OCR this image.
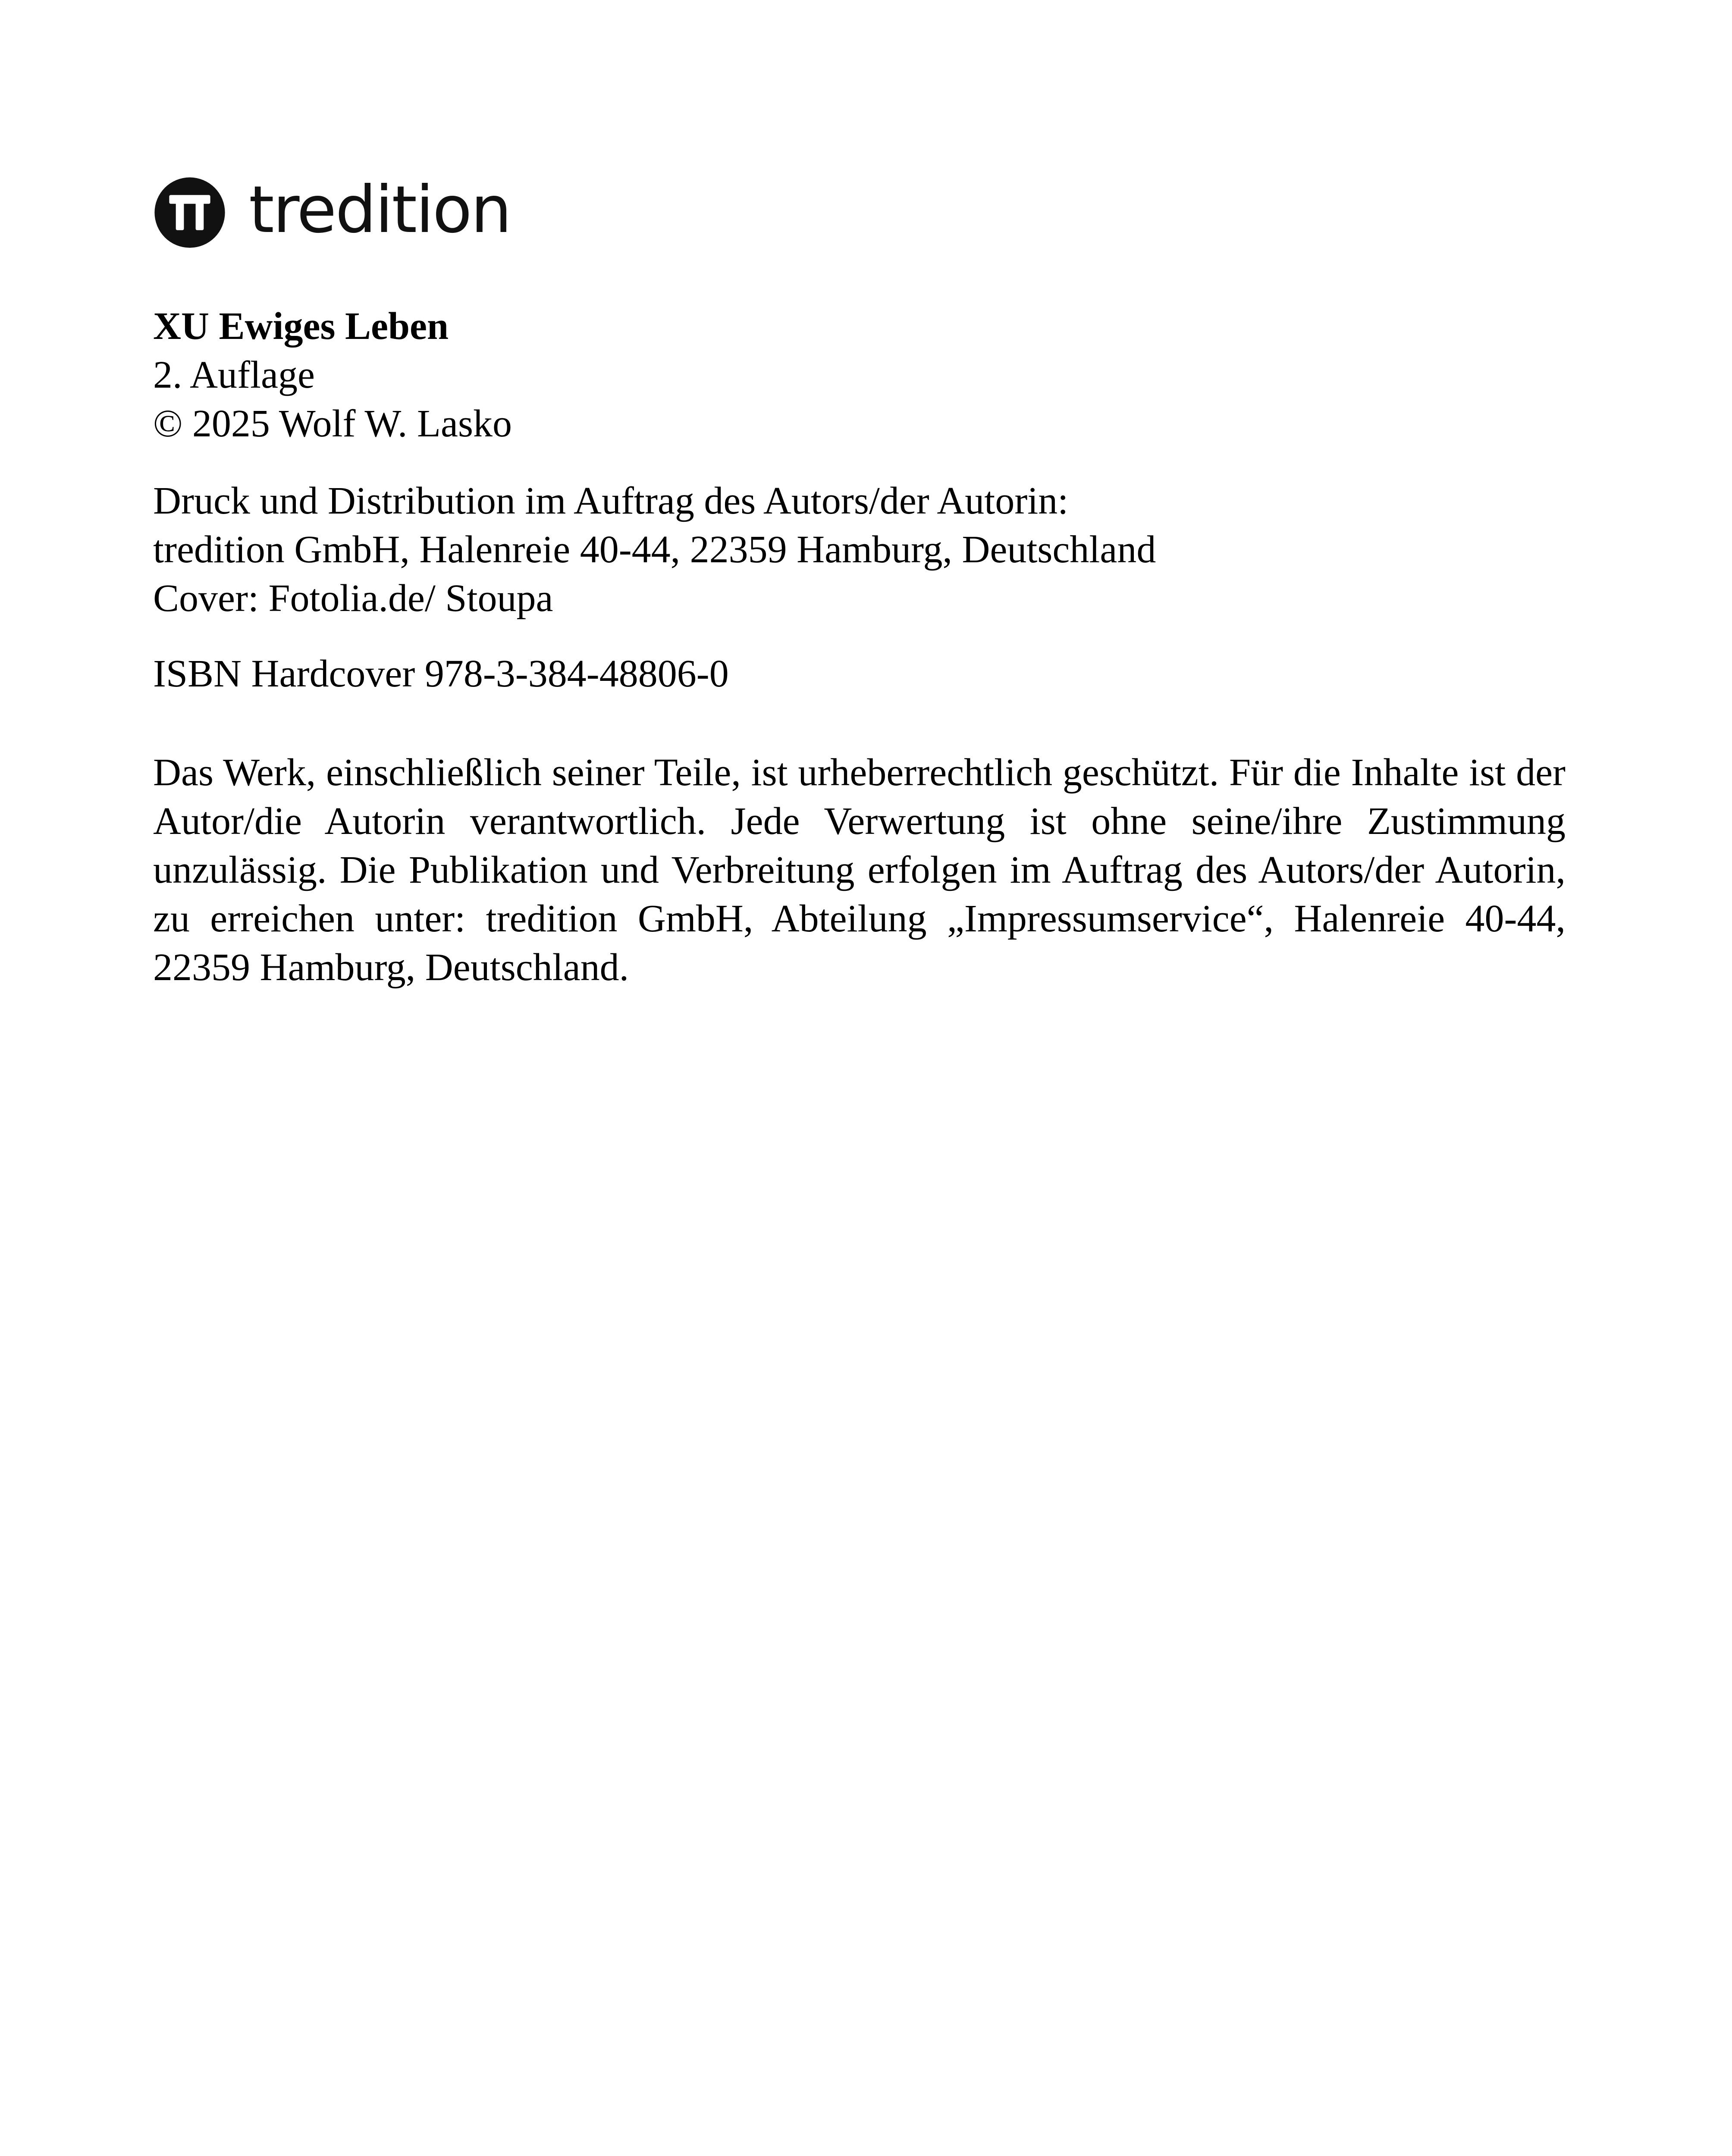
tredition
XU Ewiges Leben
2. Auflage
© 2025 Wolf W. Lasko
Druck und Distribution im Auftrag des Autors/der Autorin:
tredition GmbH, Halenreie 40-44, 22359 Hamburg, Deutschland
Cover: Fotolia.de/ Stoupa
ISBN Hardcover 978-3-384-48806-0
Das Werk, einschließlich seiner Teile, ist urheberrechtlich geschützt. Für die Inhalte ist der Autor/die Autorin verantwortlich. Jede Verwertung ist ohne seine/ihre Zustimmung unzulässig. Die Publikation und Verbreitung erfolgen im Auftrag des Autors/der Autorin, zu erreichen unter: tredition GmbH, Abteilung „Impressumservice“, Halenreie 40-44, 22359 Hamburg, Deutschland.
